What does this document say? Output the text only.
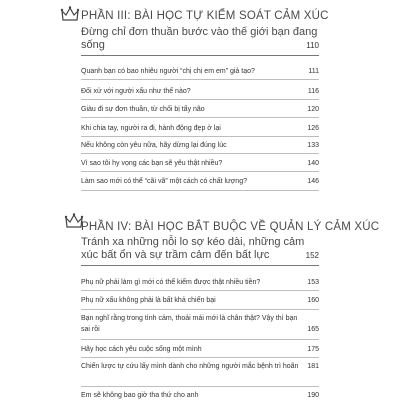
PHẦN III: BÀI HỌC TỰ KIỂM SOÁT CẢM XÚC
Đừng chỉ đơn thuần bước vào thế giới bạn đang sống	110
Quanh bạn có bao nhiêu người “chị chị em em” giả tạo?	111
Đối xử với người xấu như thế nào?	116
Giàu đi sự đơn thuần, từ chối bị tẩy não	120
Khi chia tay, người ra đi, hành động đẹp ở lại	126
Nếu không còn yêu nữa, hãy dừng lại đúng lúc	133
Vì sao tôi hy vọng các bạn sẽ yêu thật nhiều?	140
Làm sao mới có thể “cãi vã” một cách có chất lượng?	146
PHẦN IV: BÀI HỌC BẮT BUỘC VỀ QUẢN LÝ CẢM XÚC
Tránh xa những nỗi lo sợ kéo dài, những cảm xúc bất ổn và sự trầm cảm đến bất lực	152
Phụ nữ phải làm gì mới có thể kiếm được thật nhiều tiền?	153
Phụ nữ xấu không phải là bất khả chiến bại	160
Bạn nghĩ rằng trong tình cảm, thoải mái mới là chân thật? Vậy thì bạn sai rồi	165
Hãy học cách yêu cuộc sống một mình	175
Chiến lược tự cứu lấy mình dành cho những người mắc bệnh trì hoãn	181
Em sẽ không bao giờ tha thứ cho anh	190
